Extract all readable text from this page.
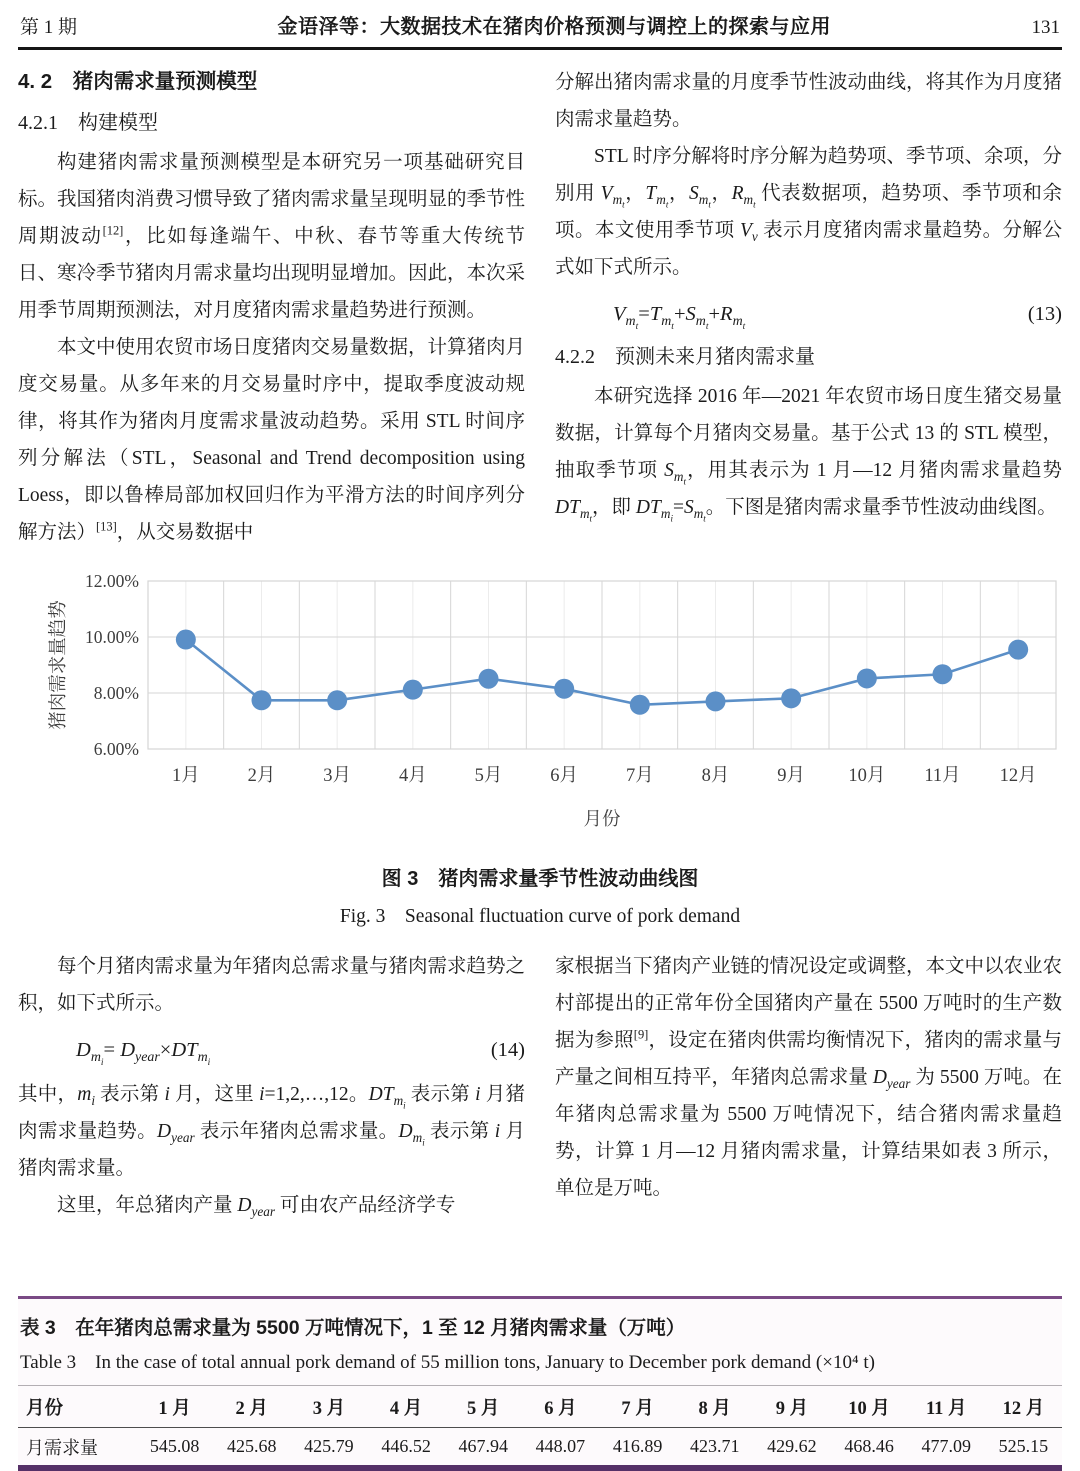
第 1 期	金语泽等：大数据技术在猪肉价格预测与调控上的探索与应用	131
4. 2　猪肉需求量预测模型
4.2.1　构建模型

构建猪肉需求量预测模型是本研究另一项基础研究目标。我国猪肉消费习惯导致了猪肉需求量呈现明显的季节性周期波动[12]，比如每逢端午、中秋、春节等重大传统节日、寒冷季节猪肉月需求量均出现明显增加。因此，本次采用季节周期预测法，对月度猪肉需求量趋势进行预测。

本文中使用农贸市场日度猪肉交易量数据，计算猪肉月度交易量。从多年来的月交易量时序中，提取季度波动规律，将其作为猪肉月度需求量波动趋势。采用 STL 时间序列分解法（STL，Seasonal and Trend decomposition using Loess，即以鲁棒局部加权回归作为平滑方法的时间序列分解方法）[13]，从交易数据中

分解出猪肉需求量的月度季节性波动曲线，将其作为月度猪肉需求量趋势。

STL 时序分解将时序分解为趋势项、季节项、余项，分别用 $V_{m_t}$，$T_{m_t}$，$S_{m_t}$，$R_{m_t}$ 代表数据项，趋势项、季节项和余项。本文使用季节项 $V_v$ 表示月度猪肉需求量趋势。分解公式如下式所示。

$V_{m_t}=T_{m_t}+S_{m_t}+R_{m_t}$
(13)
4.2.2　预测未来月猪肉需求量

本研究选择 2016 年—2021 年农贸市场日度生猪交易量数据，计算每个月猪肉交易量。基于公式 13 的 STL 模型，抽取季节项 $S_{m_t}$，用其表示为 1 月—12 月猪肉需求量趋势 $DT_{m_t}$，即 $DT_{m_i}=S_{m_t}$。下图是猪肉需求量季节性波动曲线图。

6.00%
8.00%
10.00%
12.00%
1月	2月	3月	4月	5月	6月	7月	8月	9月 10月 11月 12月
月份
猪肉需求量趋势
图 3　猪肉需求量季节性波动曲线图
Fig. 3　Seasonal fluctuation curve of pork demand

每个月猪肉需求量为年猪肉总需求量与猪肉需求趋势之积，如下式所示。

$D_{m_i}= D_{year}\times DT_{m_i}$
(14)

其中，$m_i$ 表示第 i 月，这里 i=1,2,…,12。$DT_{m_i}$ 表示第 i 月猪肉需求量趋势。$D_{year}$ 表示年猪肉总需求量。$D_{m_i}$ 表示第 i 月猪肉需求量。

这里，年总猪肉产量 $D_{year}$ 可由农产品经济学专

家根据当下猪肉产业链的情况设定或调整，本文中以农业农村部提出的正常年份全国猪肉产量在 5500 万吨时的生产数据为参照[9]，设定在猪肉供需均衡情况下，猪肉的需求量与产量之间相互持平，年猪肉总需求量 $D_{year}$ 为 5500 万吨。在年猪肉总需求量为 5500 万吨情况下，结合猪肉需求量趋势，计算 1 月—12 月猪肉需求量，计算结果如表 3 所示，单位是万吨。

表 3　在年猪肉总需求量为 5500 万吨情况下，1 至 12 月猪肉需求量（万吨）
Table 3　In the case of total annual pork demand of 55 million tons, January to December pork demand (×10⁴ t)
月份	1 月	2 月	3 月	4 月	5 月	6 月	7 月	8 月	9 月	10 月	11 月	12 月
月需求量	545.08	425.68	425.79	446.52	467.94	448.07	416.89	423.71	429.62	468.46	477.09	525.15
